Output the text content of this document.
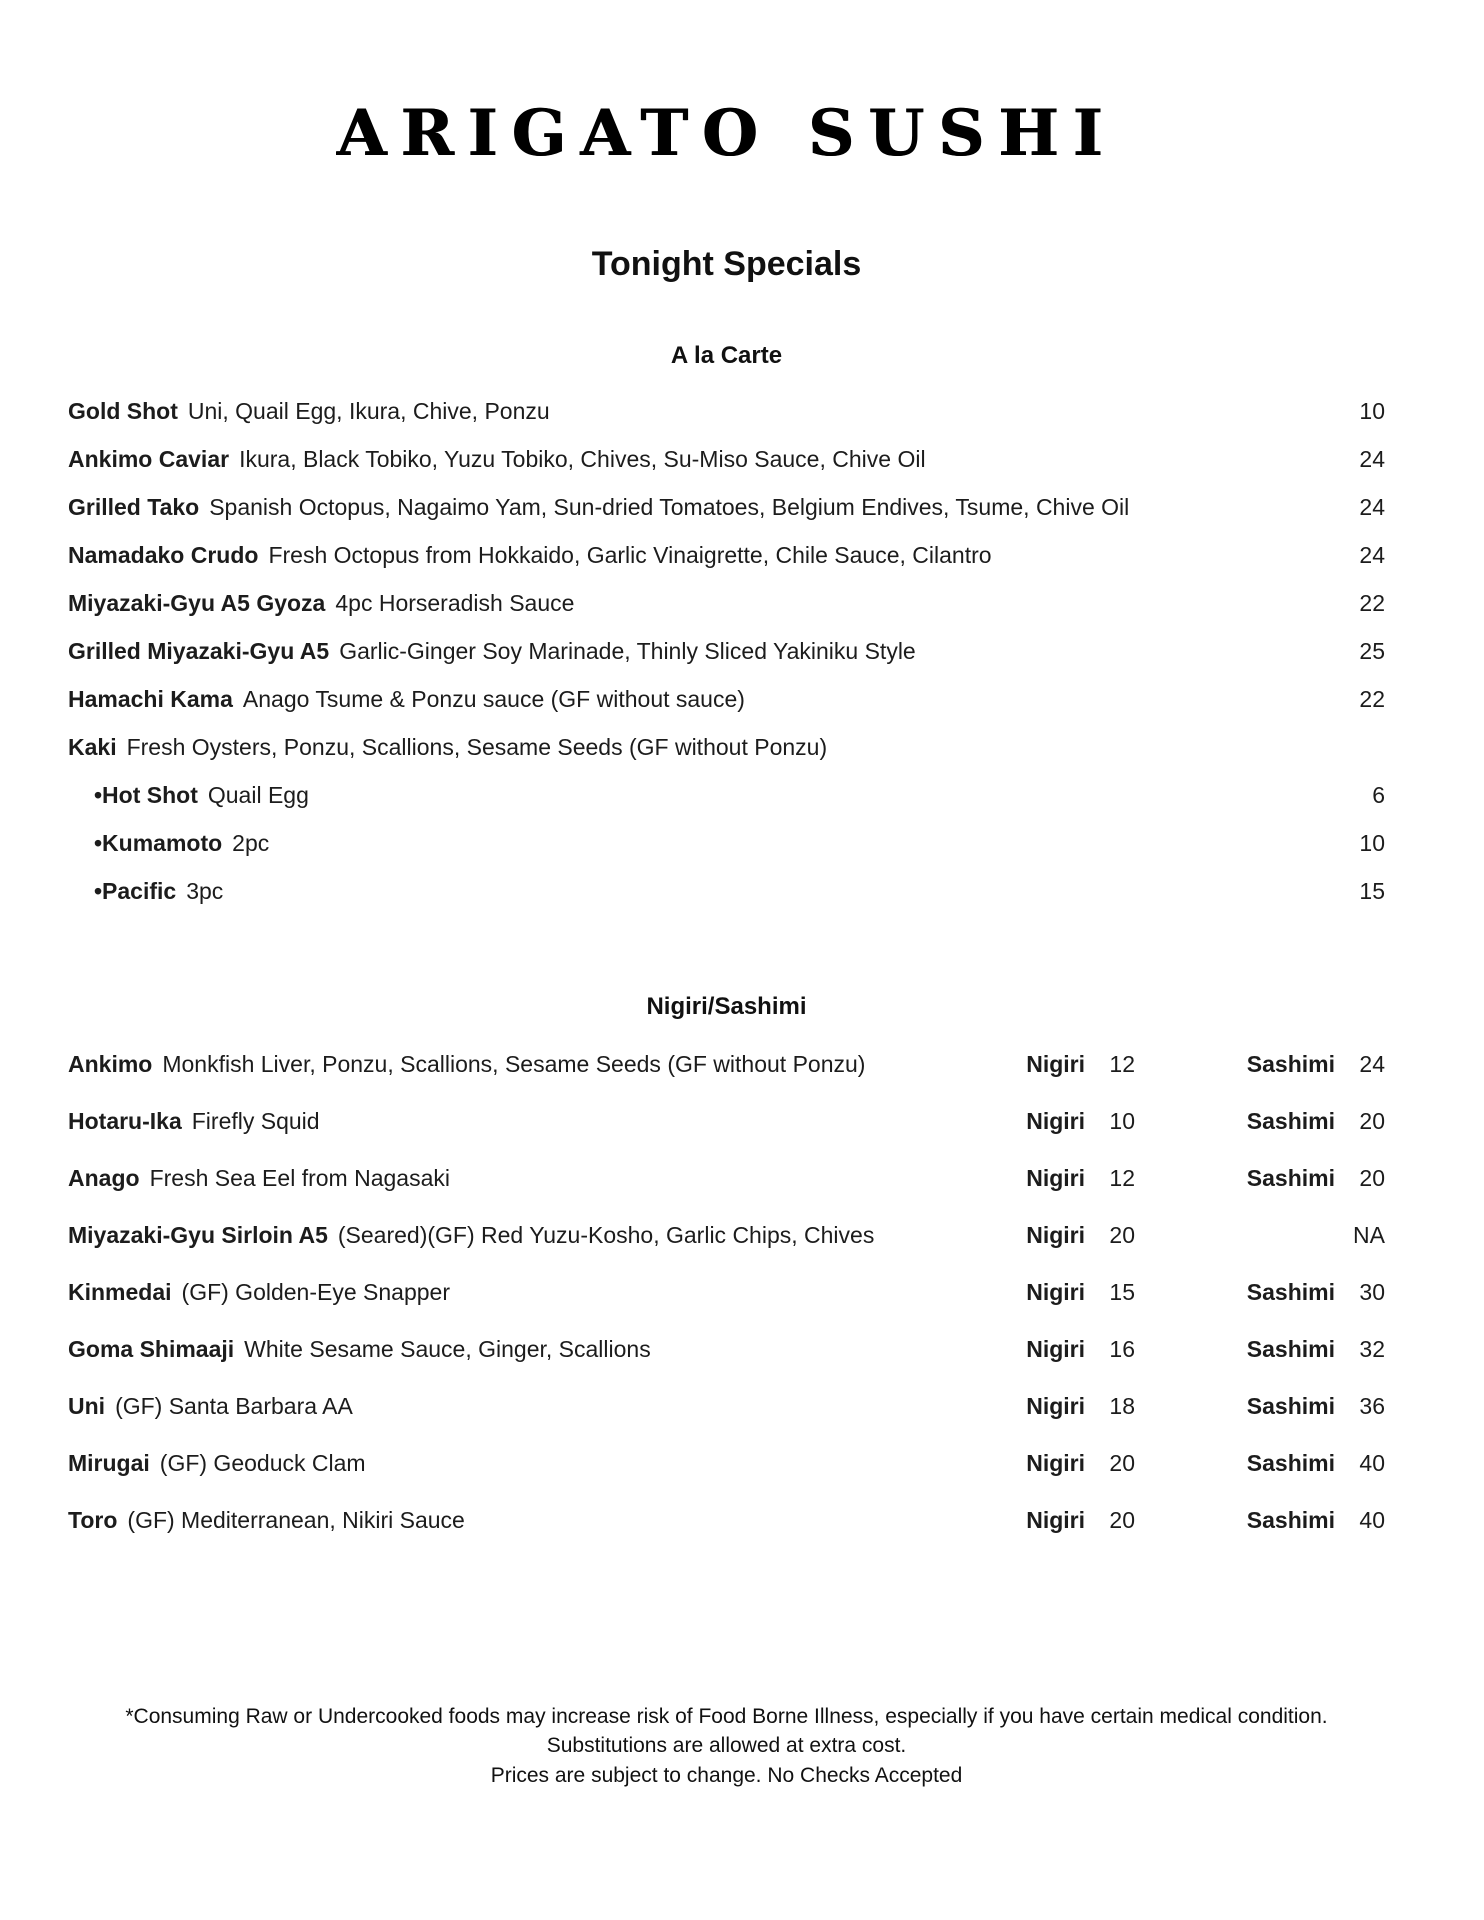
ARIGATO SUSHI
Tonight Specials
A la Carte
Gold Shot Uni, Quail Egg, Ikura, Chive, Ponzu	10
Ankimo Caviar Ikura, Black Tobiko, Yuzu Tobiko, Chives, Su-Miso Sauce, Chive Oil	24
Grilled Tako Spanish Octopus, Nagaimo Yam, Sun-dried Tomatoes, Belgium Endives, Tsume, Chive Oil	24
Namadako Crudo Fresh Octopus from Hokkaido, Garlic Vinaigrette, Chile Sauce, Cilantro	24
Miyazaki-Gyu A5 Gyoza 4pc Horseradish Sauce	22
Grilled Miyazaki-Gyu A5 Garlic-Ginger Soy Marinade, Thinly Sliced Yakiniku Style	25
Hamachi Kama Anago Tsume & Ponzu sauce (GF without sauce)	22
Kaki Fresh Oysters, Ponzu, Scallions, Sesame Seeds (GF without Ponzu)
•Hot Shot Quail Egg	6
•Kumamoto 2pc	10
•Pacific 3pc	15
Nigiri/Sashimi
Ankimo Monkfish Liver, Ponzu, Scallions, Sesame Seeds (GF without Ponzu)	Nigiri 12	Sashimi 24
Hotaru-Ika Firefly Squid	Nigiri 10	Sashimi 20
Anago Fresh Sea Eel from Nagasaki	Nigiri 12	Sashimi 20
Miyazaki-Gyu Sirloin A5 (Seared)(GF) Red Yuzu-Kosho, Garlic Chips, Chives	Nigiri 20	NA
Kinmedai (GF) Golden-Eye Snapper	Nigiri 15	Sashimi 30
Goma Shimaaji White Sesame Sauce, Ginger, Scallions	Nigiri 16	Sashimi 32
Uni (GF) Santa Barbara AA	Nigiri 18	Sashimi 36
Mirugai (GF) Geoduck Clam	Nigiri 20	Sashimi 40
Toro (GF) Mediterranean, Nikiri Sauce	Nigiri 20	Sashimi 40
*Consuming Raw or Undercooked foods may increase risk of Food Borne Illness, especially if you have certain medical condition.
Substitutions are allowed at extra cost.
Prices are subject to change. No Checks Accepted
